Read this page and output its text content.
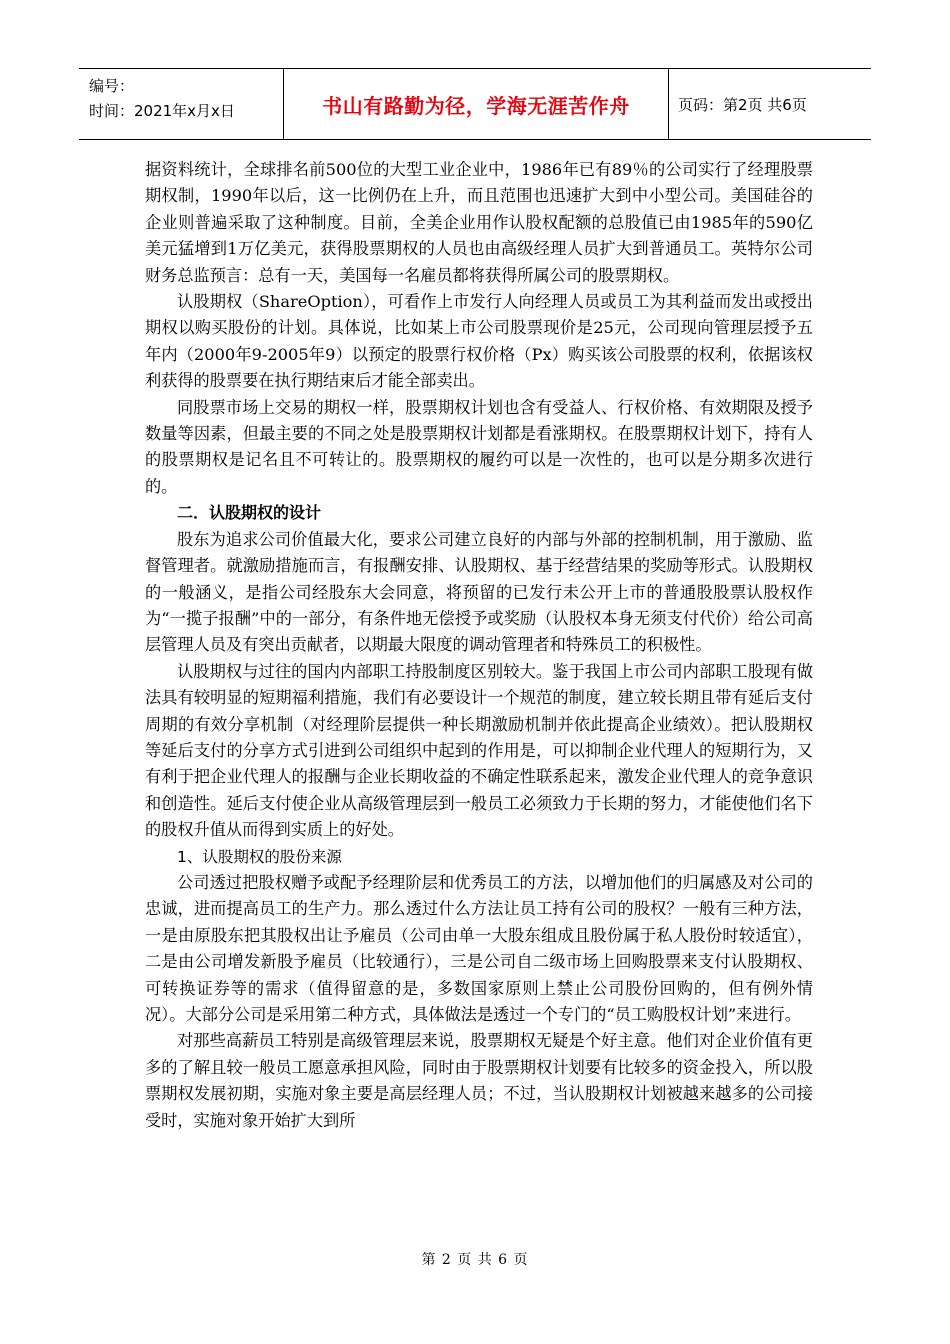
编号：
时间：2021年x月x日	书山有路勤为径，学海无涯苦作舟	页码：第2页 共6页

据资料统计，全球排名前500位的大型工业企业中，1986年已有89％的公司实行了经理股票期权制，1990年以后，这一比例仍在上升，而且范围也迅速扩大到中小型公司。美国硅谷的企业则普遍采取了这种制度。目前，全美企业用作认股权配额的总股值已由1985年的590亿美元猛增到1万亿美元，获得股票期权的人员也由高级经理人员扩大到普通员工。英特尔公司财务总监预言：总有一天，美国每一名雇员都将获得所属公司的股票期权。

认股期权（ShareOption），可看作上市发行人向经理人员或员工为其利益而发出或授出期权以购买股份的计划。具体说，比如某上市公司股票现价是25元，公司现向管理层授予五年内（2000年9-2005年9）以预定的股票行权价格（Px）购买该公司股票的权利，依据该权利获得的股票要在执行期结束后才能全部卖出。

同股票市场上交易的期权一样，股票期权计划也含有受益人、行权价格、有效期限及授予数量等因素，但最主要的不同之处是股票期权计划都是看涨期权。在股票期权计划下，持有人的股票期权是记名且不可转让的。股票期权的履约可以是一次性的，也可以是分期多次进行的。

二．认股期权的设计

股东为追求公司价值最大化，要求公司建立良好的内部与外部的控制机制，用于激励、监督管理者。就激励措施而言，有报酬安排、认股期权、基于经营结果的奖励等形式。认股期权的一般涵义，是指公司经股东大会同意，将预留的已发行未公开上市的普通股股票认股权作为“一揽子报酬”中的一部分，有条件地无偿授予或奖励（认股权本身无须支付代价）给公司高层管理人员及有突出贡献者，以期最大限度的调动管理者和特殊员工的积极性。

认股期权与过往的国内内部职工持股制度区别较大。鉴于我国上市公司内部职工股现有做法具有较明显的短期福利措施，我们有必要设计一个规范的制度，建立较长期且带有延后支付周期的有效分享机制（对经理阶层提供一种长期激励机制并依此提高企业绩效）。把认股期权等延后支付的分享方式引进到公司组织中起到的作用是，可以抑制企业代理人的短期行为，又有利于把企业代理人的报酬与企业长期收益的不确定性联系起来，激发企业代理人的竞争意识和创造性。延后支付使企业从高级管理层到一般员工必须致力于长期的努力，才能使他们名下的股权升值从而得到实质上的好处。

1、认股期权的股份来源

公司透过把股权赠予或配予经理阶层和优秀员工的方法，以增加他们的归属感及对公司的忠诚，进而提高员工的生产力。那么透过什么方法让员工持有公司的股权？一般有三种方法，一是由原股东把其股权出让予雇员（公司由单一大股东组成且股份属于私人股份时较适宜），二是由公司增发新股予雇员（比较通行），三是公司自二级市场上回购股票来支付认股期权、可转换证券等的需求（值得留意的是，多数国家原则上禁止公司股份回购的，但有例外情况）。大部分公司是采用第二种方式，具体做法是透过一个专门的“员工购股权计划”来进行。

对那些高薪员工特别是高级管理层来说，股票期权无疑是个好主意。他们对企业价值有更多的了解且较一般员工愿意承担风险，同时由于股票期权计划要有比较多的资金投入，所以股票期权发展初期，实施对象主要是高层经理人员；不过，当认股期权计划被越来越多的公司接受时，实施对象开始扩大到所

第 2 页 共 6 页
